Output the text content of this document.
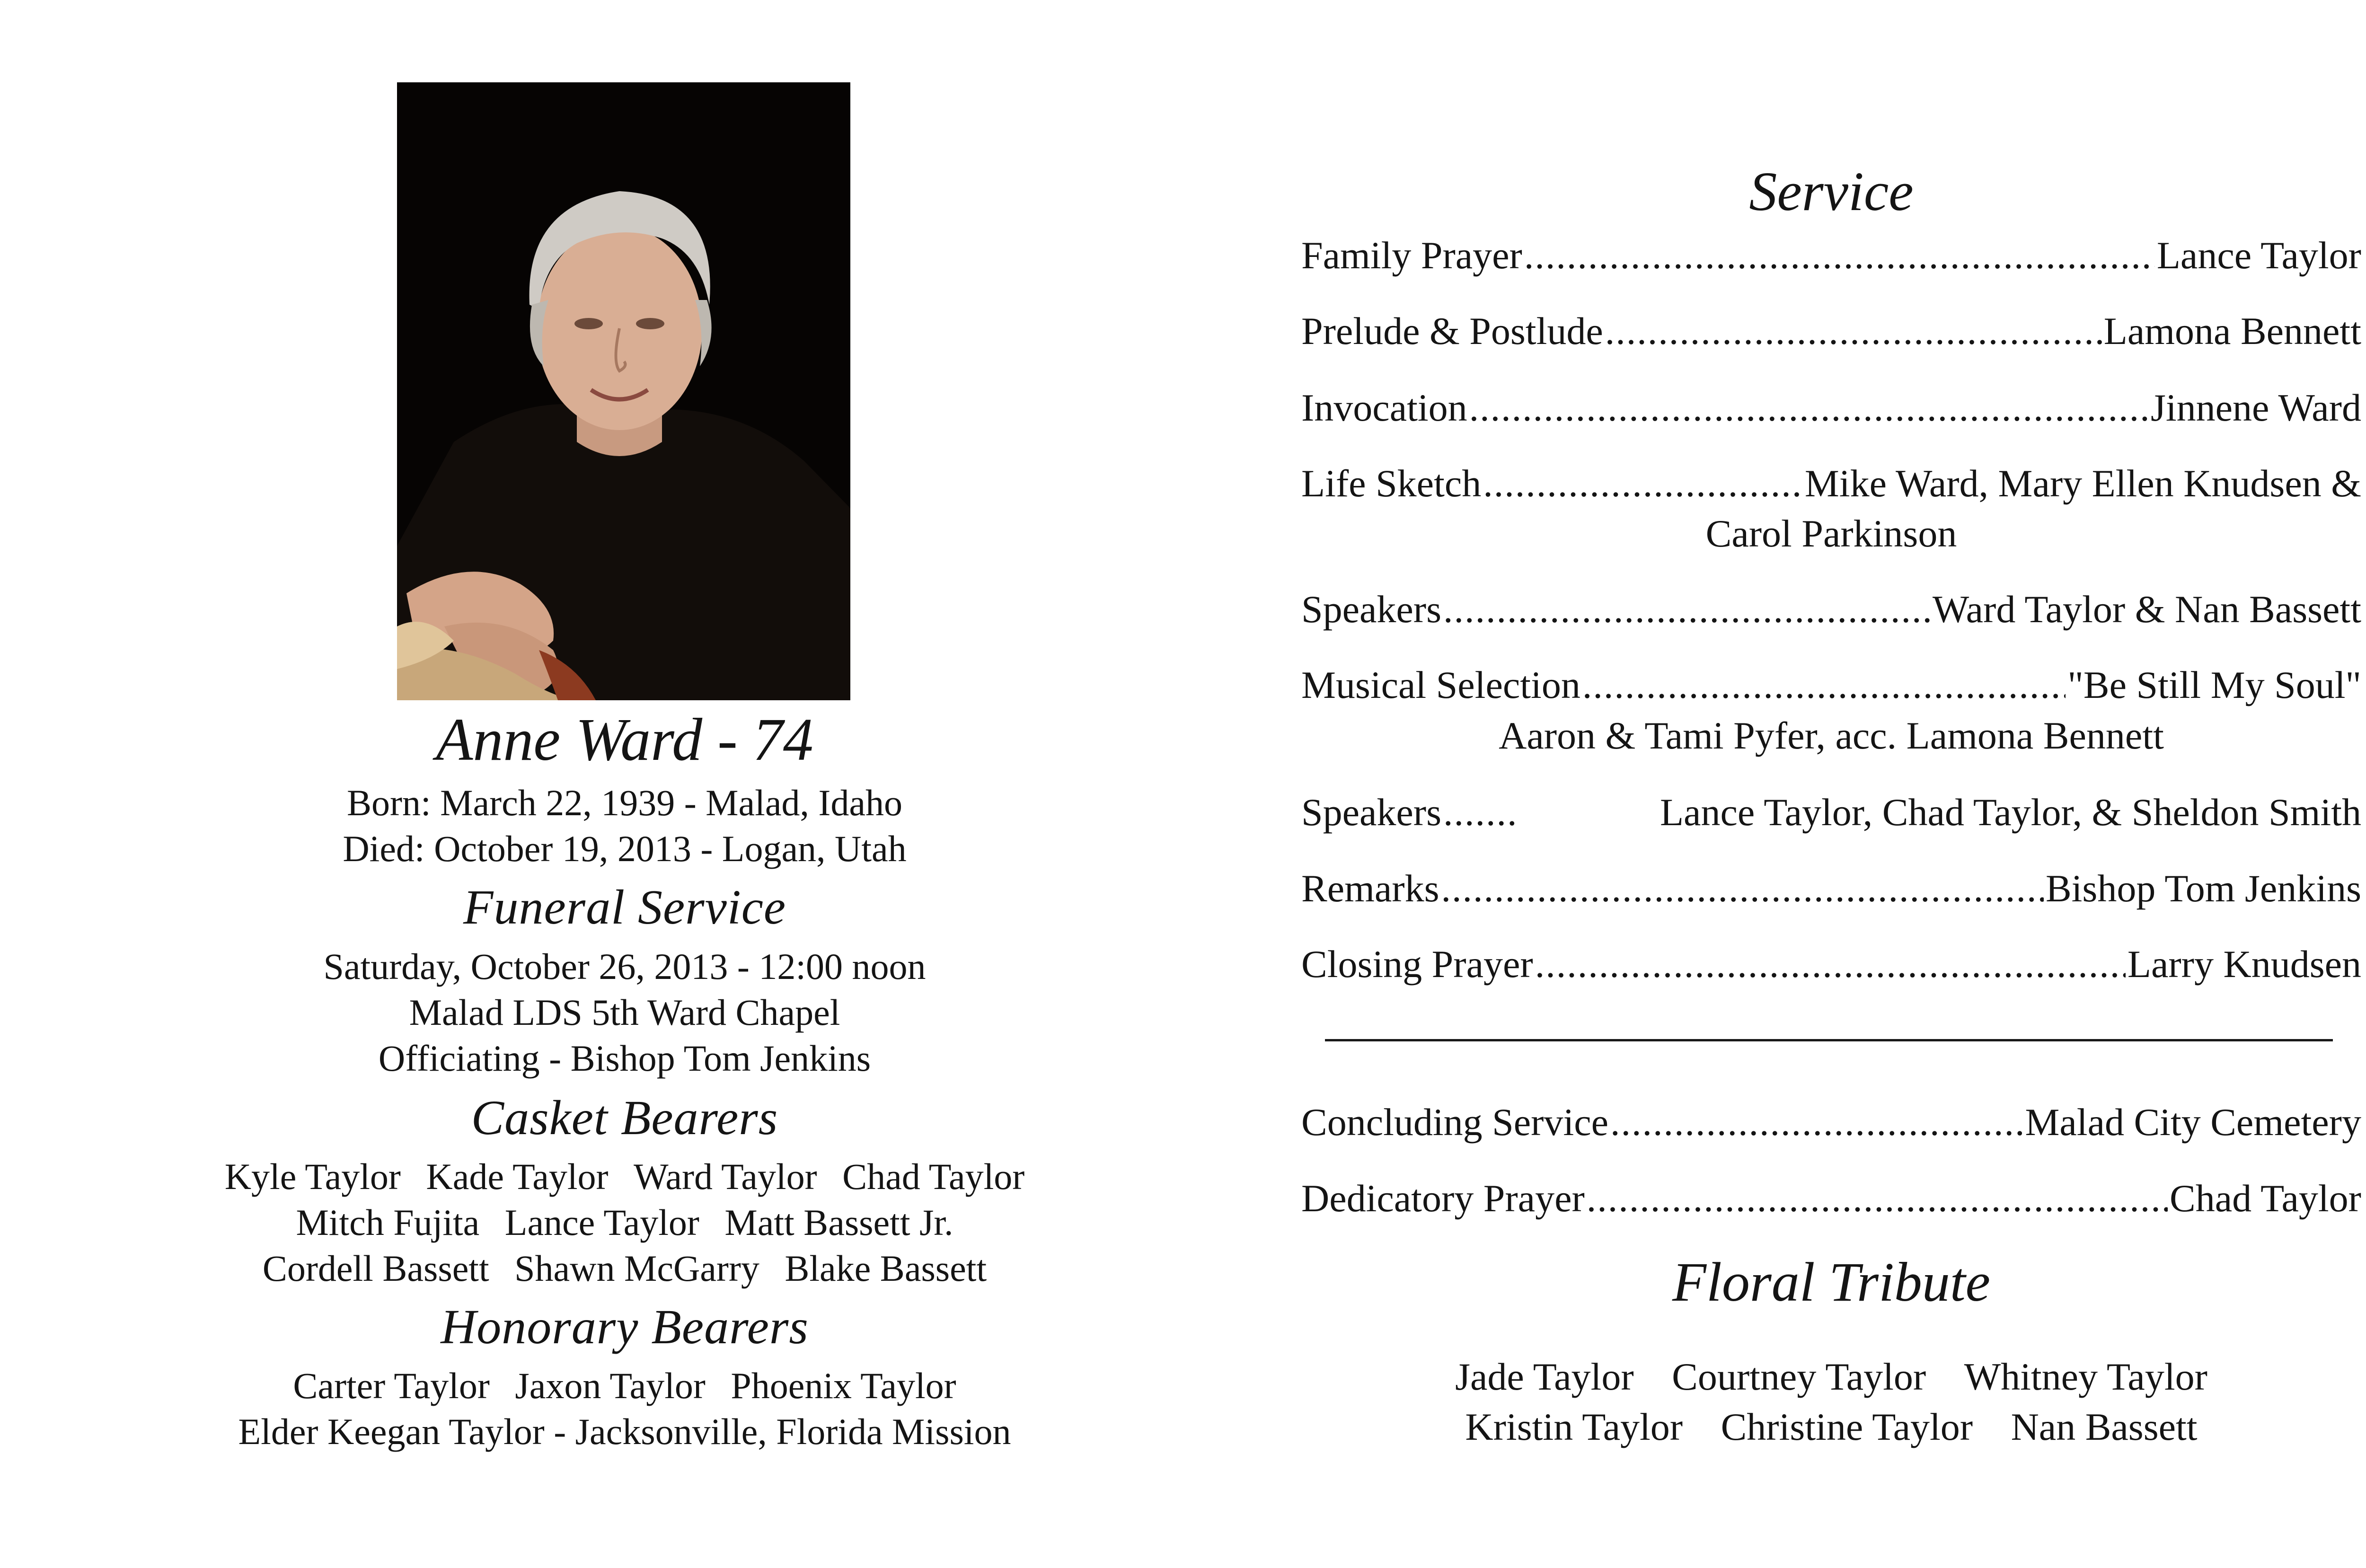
Anne Ward - 74
Born: March 22, 1939 - Malad, Idaho
Died: October 19, 2013 - Logan, Utah
Funeral Service
Saturday, October 26, 2013 - 12:00 noon
Malad LDS 5th Ward Chapel
Officiating - Bishop Tom Jenkins
Casket Bearers
Kyle Taylor Kade Taylor Ward Taylor Chad Taylor
Mitch Fujita Lance Taylor Matt Bassett Jr.
Cordell Bassett Shawn McGarry Blake Bassett
Honorary Bearers
Carter Taylor Jaxon Taylor Phoenix Taylor
Elder Keegan Taylor - Jacksonville, Florida Mission
Service
Family Prayer .....	Lance Taylor
Prelude & Postlude .....	Lamona Bennett
Invocation .....	Jinnene Ward
Life Sketch .....	Mike Ward, Mary Ellen Knudsen &
Carol Parkinson
Speakers .....	Ward Taylor & Nan Bassett
Musical Selection .....	"Be Still My Soul"
Aaron & Tami Pyfer, acc. Lamona Bennett
Speakers .....	Lance Taylor, Chad Taylor, & Sheldon Smith
Remarks .....	Bishop Tom Jenkins
Closing Prayer .....	Larry Knudsen
Concluding Service .....	Malad City Cemetery
Dedicatory Prayer .....	Chad Taylor
Floral Tribute
Jade Taylor Courtney Taylor Whitney Taylor
Kristin Taylor Christine Taylor Nan Bassett
